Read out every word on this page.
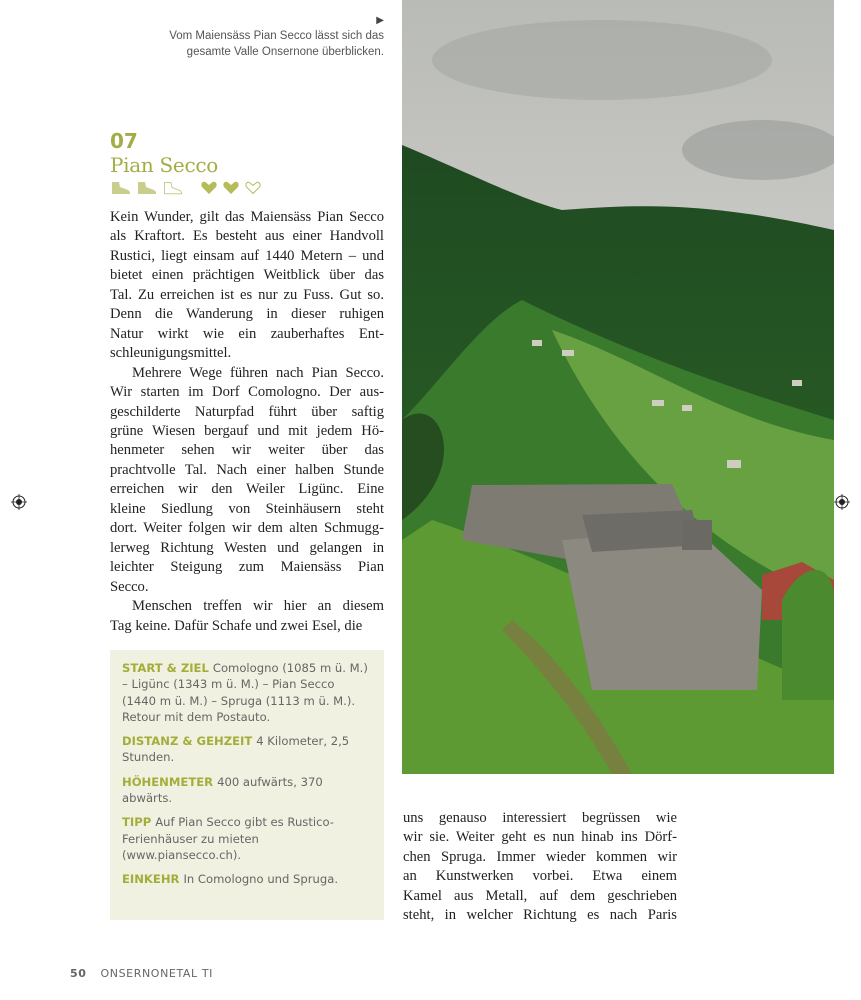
▶
Vom Maiensäss Pian Secco lässt sich das gesamte Valle Onsernone überblicken.
07
Pian Secco
Kein Wunder, gilt das Maiensäss Pian Secco
als Kraftort. Es besteht aus einer Handvoll
Rustici, liegt einsam auf 1440 Metern – und
bietet einen prächtigen Weitblick über das
Tal. Zu erreichen ist es nur zu Fuss. Gut so.
Denn die Wanderung in dieser ruhigen
Natur wirkt wie ein zauberhaftes Ent-
schleunigungsmittel.
Mehrere Wege führen nach Pian Secco.
Wir starten im Dorf Comologno. Der aus-
geschilderte Naturpfad führt über saftig
grüne Wiesen bergauf und mit jedem Hö-
henmeter sehen wir weiter über das
prachtvolle Tal. Nach einer halben Stunde
erreichen wir den Weiler Ligünc. Eine
kleine Siedlung von Steinhäusern steht
dort. Weiter folgen wir dem alten Schmugg-
lerweg Richtung Westen und gelangen in
leichter Steigung zum Maiensäss Pian
Secco.
Menschen treffen wir hier an diesem
Tag keine. Dafür Schafe und zwei Esel, die
uns genauso interessiert begrüssen wie
wir sie. Weiter geht es nun hinab ins Dörf-
chen Spruga. Immer wieder kommen wir
an Kunstwerken vorbei. Etwa einem
Kamel aus Metall, auf dem geschrieben
steht, in welcher Richtung es nach Paris

START & ZIEL Comologno (1085 m ü. M.) – Ligünc (1343 m ü. M.) – Pian Secco (1440 m ü. M.) – Spruga (1113 m ü. M.). Retour mit dem Postauto.

DISTANZ & GEHZEIT 4 Kilometer, 2,5 Stunden.

HÖHENMETER 400 aufwärts, 370 abwärts.

TIPP Auf Pian Secco gibt es Rustico-Ferienhäuser zu mieten (www.piansecco.ch).

EINKEHR In Comologno und Spruga.

50 ONSERNONETAL TI
